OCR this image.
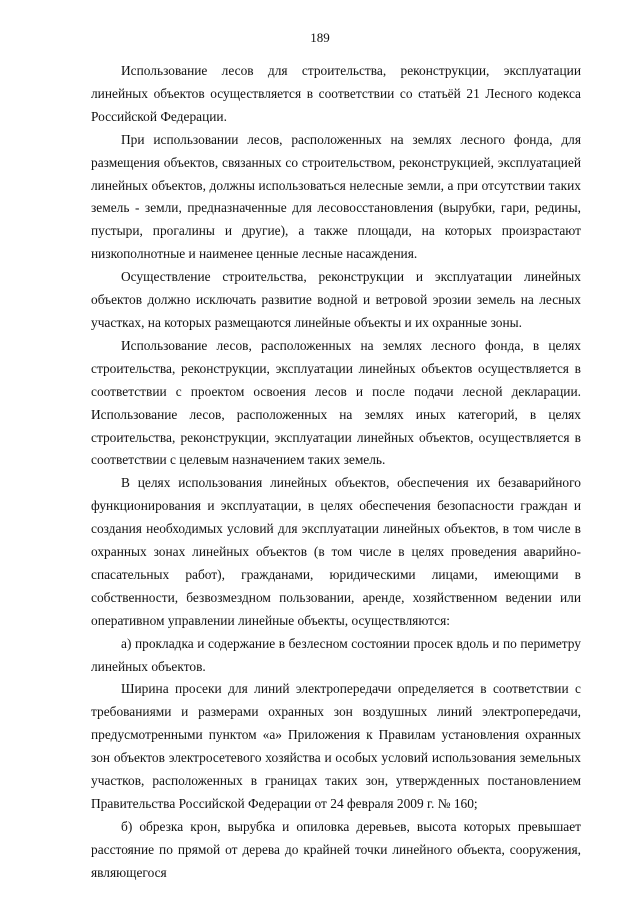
189

Использование лесов для строительства, реконструкции, эксплуатации линейных объектов осуществляется в соответствии со статьёй 21 Лесного кодекса Российской Федерации.

При использовании лесов, расположенных на землях лесного фонда, для размещения объектов, связанных со строительством, реконструкцией, эксплуатацией линейных объектов, должны использоваться нелесные земли, а при отсутствии таких земель - земли, предназначенные для лесовосстановления (вырубки, гари, редины, пустыри, прогалины и другие), а также площади, на которых произрастают низкополнотные и наименее ценные лесные насаждения.

Осуществление строительства, реконструкции и эксплуатации линейных объектов должно исключать развитие водной и ветровой эрозии земель на лесных участках, на которых размещаются линейные объекты и их охранные зоны.

Использование лесов, расположенных на землях лесного фонда, в целях строительства, реконструкции, эксплуатации линейных объектов осуществляется в соответствии с проектом освоения лесов и после подачи лесной декларации. Использование лесов, расположенных на землях иных категорий, в целях строительства, реконструкции, эксплуатации линейных объектов, осуществляется в соответствии с целевым назначением таких земель.

В целях использования линейных объектов, обеспечения их безаварийного функционирования и эксплуатации, в целях обеспечения безопасности граждан и создания необходимых условий для эксплуатации линейных объектов, в том числе в охранных зонах линейных объектов (в том числе в целях проведения аварийно-спасательных работ), гражданами, юридическими лицами, имеющими в собственности, безвозмездном пользовании, аренде, хозяйственном ведении или оперативном управлении линейные объекты, осуществляются:

а) прокладка и содержание в безлесном состоянии просек вдоль и по периметру линейных объектов.

Ширина просеки для линий электропередачи определяется в соответствии с требованиями и размерами охранных зон воздушных линий электропередачи, предусмотренными пунктом «а» Приложения к Правилам установления охранных зон объектов электросетевого хозяйства и особых условий использования земельных участков, расположенных в границах таких зон, утвержденных постановлением Правительства Российской Федерации от 24 февраля 2009 г. № 160;

б) обрезка крон, вырубка и опиловка деревьев, высота которых превышает расстояние по прямой от дерева до крайней точки линейного объекта, сооружения, являющегося
